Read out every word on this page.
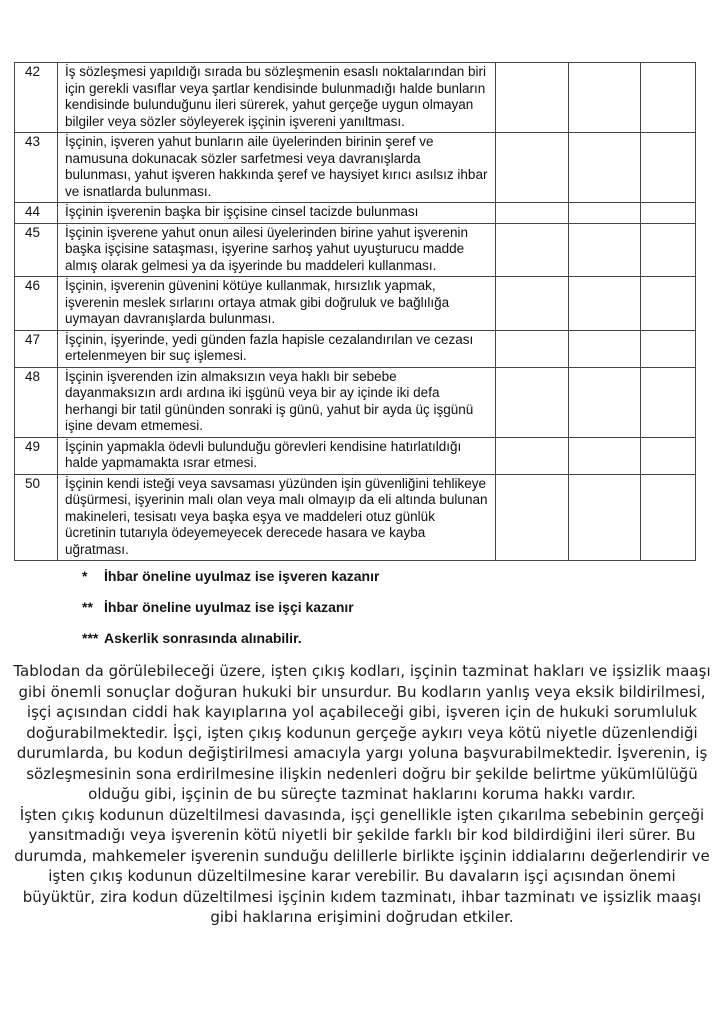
42	İş sözleşmesi yapıldığı sırada bu sözleşmenin esaslı noktalarından biri için gerekli vasıflar veya şartlar kendisinde bulunmadığı halde bunların kendisinde bulunduğunu ileri sürerek, yahut gerçeğe uygun olmayan bilgiler veya sözler söyleyerek işçinin işvereni yanıltması.			
43	İşçinin, işveren yahut bunların aile üyelerinden birinin şeref ve namusuna dokunacak sözler sarfetmesi veya davranışlarda bulunması, yahut işveren hakkında şeref ve haysiyet kırıcı asılsız ihbar ve isnatlarda bulunması.			
44	İşçinin işverenin başka bir işçisine cinsel tacizde bulunması			
45	İşçinin işverene yahut onun ailesi üyelerinden birine yahut işverenin başka işçisine sataşması, işyerine sarhoş yahut uyuşturucu madde almış olarak gelmesi ya da işyerinde bu maddeleri kullanması.			
46	İşçinin, işverenin güvenini kötüye kullanmak, hırsızlık yapmak, işverenin meslek sırlarını ortaya atmak gibi doğruluk ve bağlılığa uymayan davranışlarda bulunması.			
47	İşçinin, işyerinde, yedi günden fazla hapisle cezalandırılan ve cezası ertelenmeyen bir suç işlemesi.			
48	İşçinin işverenden izin almaksızın veya haklı bir sebebe dayanmaksızın ardı ardına iki işgünü veya bir ay içinde iki defa herhangi bir tatil gününden sonraki iş günü, yahut bir ayda üç işgünü işine devam etmemesi.			
49	İşçinin yapmakla ödevli bulunduğu görevleri kendisine hatırlatıldığı halde yapmamakta ısrar etmesi.			
50	İşçinin kendi isteği veya savsaması yüzünden işin güvenliğini tehlikeye düşürmesi, işyerinin malı olan veya malı olmayıp da eli altında bulunan makineleri, tesisatı veya başka eşya ve maddeleri otuz günlük ücretinin tutarıyla ödeyemeyecek derecede hasara ve kayba uğratması.			
* İhbar öneline uyulmaz ise işveren kazanır
** İhbar öneline uyulmaz ise işçi kazanır
*** Askerlik sonrasında alınabilir.

Tablodan da görülebileceği üzere, işten çıkış kodları, işçinin tazminat hakları ve işsizlik maaşı gibi önemli sonuçlar doğuran hukuki bir unsurdur. Bu kodların yanlış veya eksik bildirilmesi, işçi açısından ciddi hak kayıplarına yol açabileceği gibi, işveren için de hukuki sorumluluk doğurabilmektedir. İşçi, işten çıkış kodunun gerçeğe aykırı veya kötü niyetle düzenlendiği durumlarda, bu kodun değiştirilmesi amacıyla yargı yoluna başvurabilmektedir. İşverenin, iş sözleşmesinin sona erdirilmesine ilişkin nedenleri doğru bir şekilde belirtme yükümlülüğü olduğu gibi, işçinin de bu süreçte tazminat haklarını koruma hakkı vardır.

İşten çıkış kodunun düzeltilmesi davasında, işçi genellikle işten çıkarılma sebebinin gerçeği yansıtmadığı veya işverenin kötü niyetli bir şekilde farklı bir kod bildirdiğini ileri sürer. Bu durumda, mahkemeler işverenin sunduğu delillerle birlikte işçinin iddialarını değerlendirir ve işten çıkış kodunun düzeltilmesine karar verebilir. Bu davaların işçi açısından önemi büyüktür, zira kodun düzeltilmesi işçinin kıdem tazminatı, ihbar tazminatı ve işsizlik maaşı gibi haklarına erişimini doğrudan etkiler.
